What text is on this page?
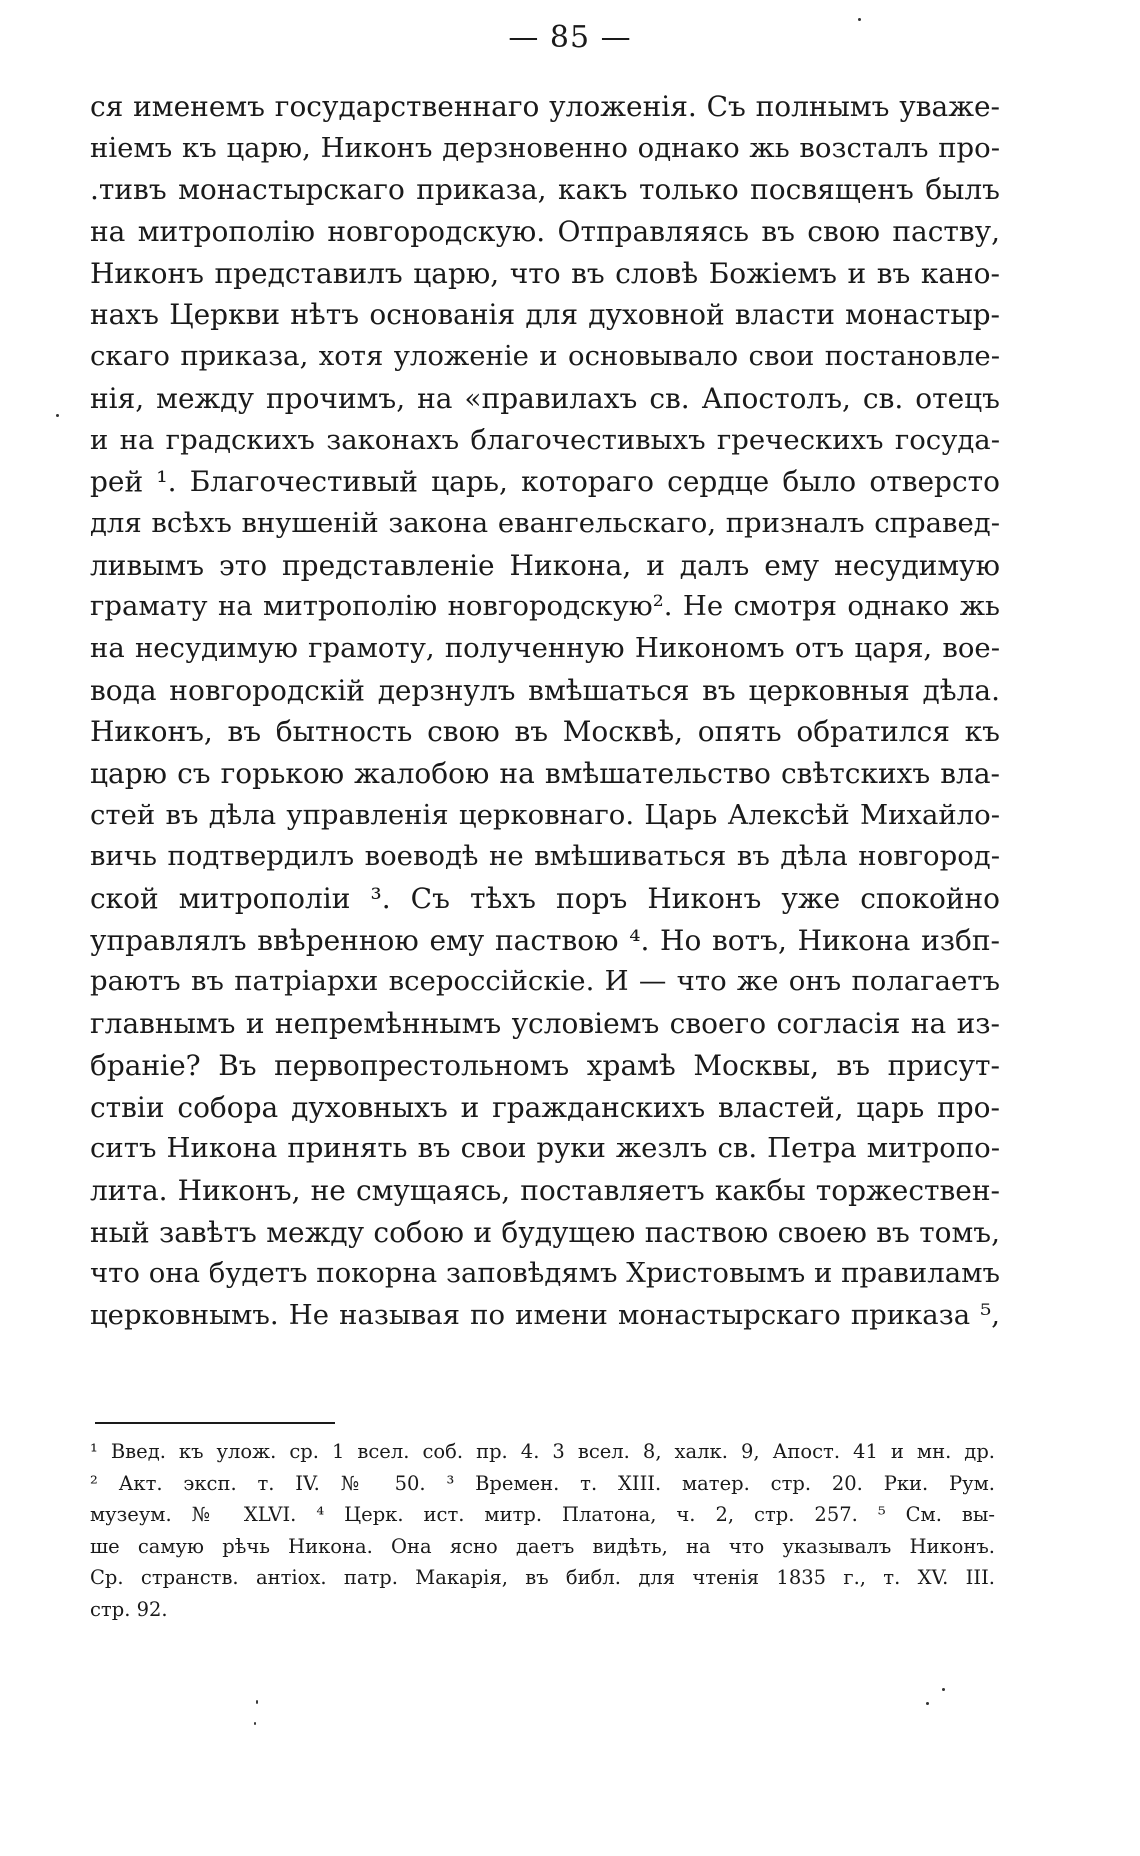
— 85 —
ся именемъ государственнаго уложенія. Съ полнымъ уваже-
ніемъ къ царю, Никонъ дерзновенно однако жь возсталъ про-
.тивъ монастырскаго приказа, какъ только посвященъ былъ
на митрополію новгородскую. Отправляясь въ свою паству,
Никонъ представилъ царю, что въ словѣ Божіемъ и въ кано-
нахъ Церкви нѣтъ основанія для духовной власти монастыр-
скаго приказа, хотя уложеніе и основывало свои постановле-
нія, между прочимъ, на «правилахъ св. Апостолъ, св. отецъ
и на градскихъ законахъ благочестивыхъ греческихъ госуда-
рей ¹. Благочестивый царь, котораго сердце было отверсто
для всѣхъ внушеній закона евангельскаго, призналъ справед-
ливымъ это представленіе Никона, и далъ ему несудимую
грамату на митрополію новгородскую². Не смотря однако жь
на несудимую грамоту, полученную Никономъ отъ царя, вое-
вода новгородскій дерзнулъ вмѣшаться въ церковныя дѣла.
Никонъ, въ бытность свою въ Москвѣ, опять обратился къ
царю съ горькою жалобою на вмѣшательство свѣтскихъ вла-
стей въ дѣла управленія церковнаго. Царь Алексѣй Михайло-
вичь подтвердилъ воеводѣ не вмѣшиваться въ дѣла новгород-
ской митрополіи ³. Съ тѣхъ поръ Никонъ уже спокойно
управлялъ ввѣренною ему паствою ⁴. Но вотъ, Никона избп-
раютъ въ патріархи всероссійскіе. И — что же онъ полагаетъ
главнымъ и непремѣннымъ условіемъ своего согласія на из-
браніе? Въ первопрестольномъ храмѣ Москвы, въ присут-
ствіи собора духовныхъ и гражданскихъ властей, царь про-
ситъ Никона принять въ свои руки жезлъ св. Петра митропо-
лита. Никонъ, не смущаясь, поставляетъ какбы торжествен-
ный завѣтъ между собою и будущею паствою своею въ томъ,
что она будетъ покорна заповѣдямъ Христовымъ и правиламъ
церковнымъ. Не называя по имени монастырскаго приказа ⁵,
¹ Введ. къ улож. ср. 1 всел. соб. пр. 4. 3 всел. 8, халк. 9, Апост. 41 и мн. др.
² Акт. эксп. т. IV. № 50. ³ Времен. т. XIII. матер. стр. 20. Рки. Рум.
музеум. № XLVI. ⁴ Церк. ист. митр. Платона, ч. 2, стр. 257. ⁵ См. вы-
ше самую рѣчь Никона. Она ясно даетъ видѣть, на что указывалъ Никонъ.
Ср. странств. антіох. патр. Макарія, въ библ. для чтенія 1835 г., т. XV. III.
стр. 92.
